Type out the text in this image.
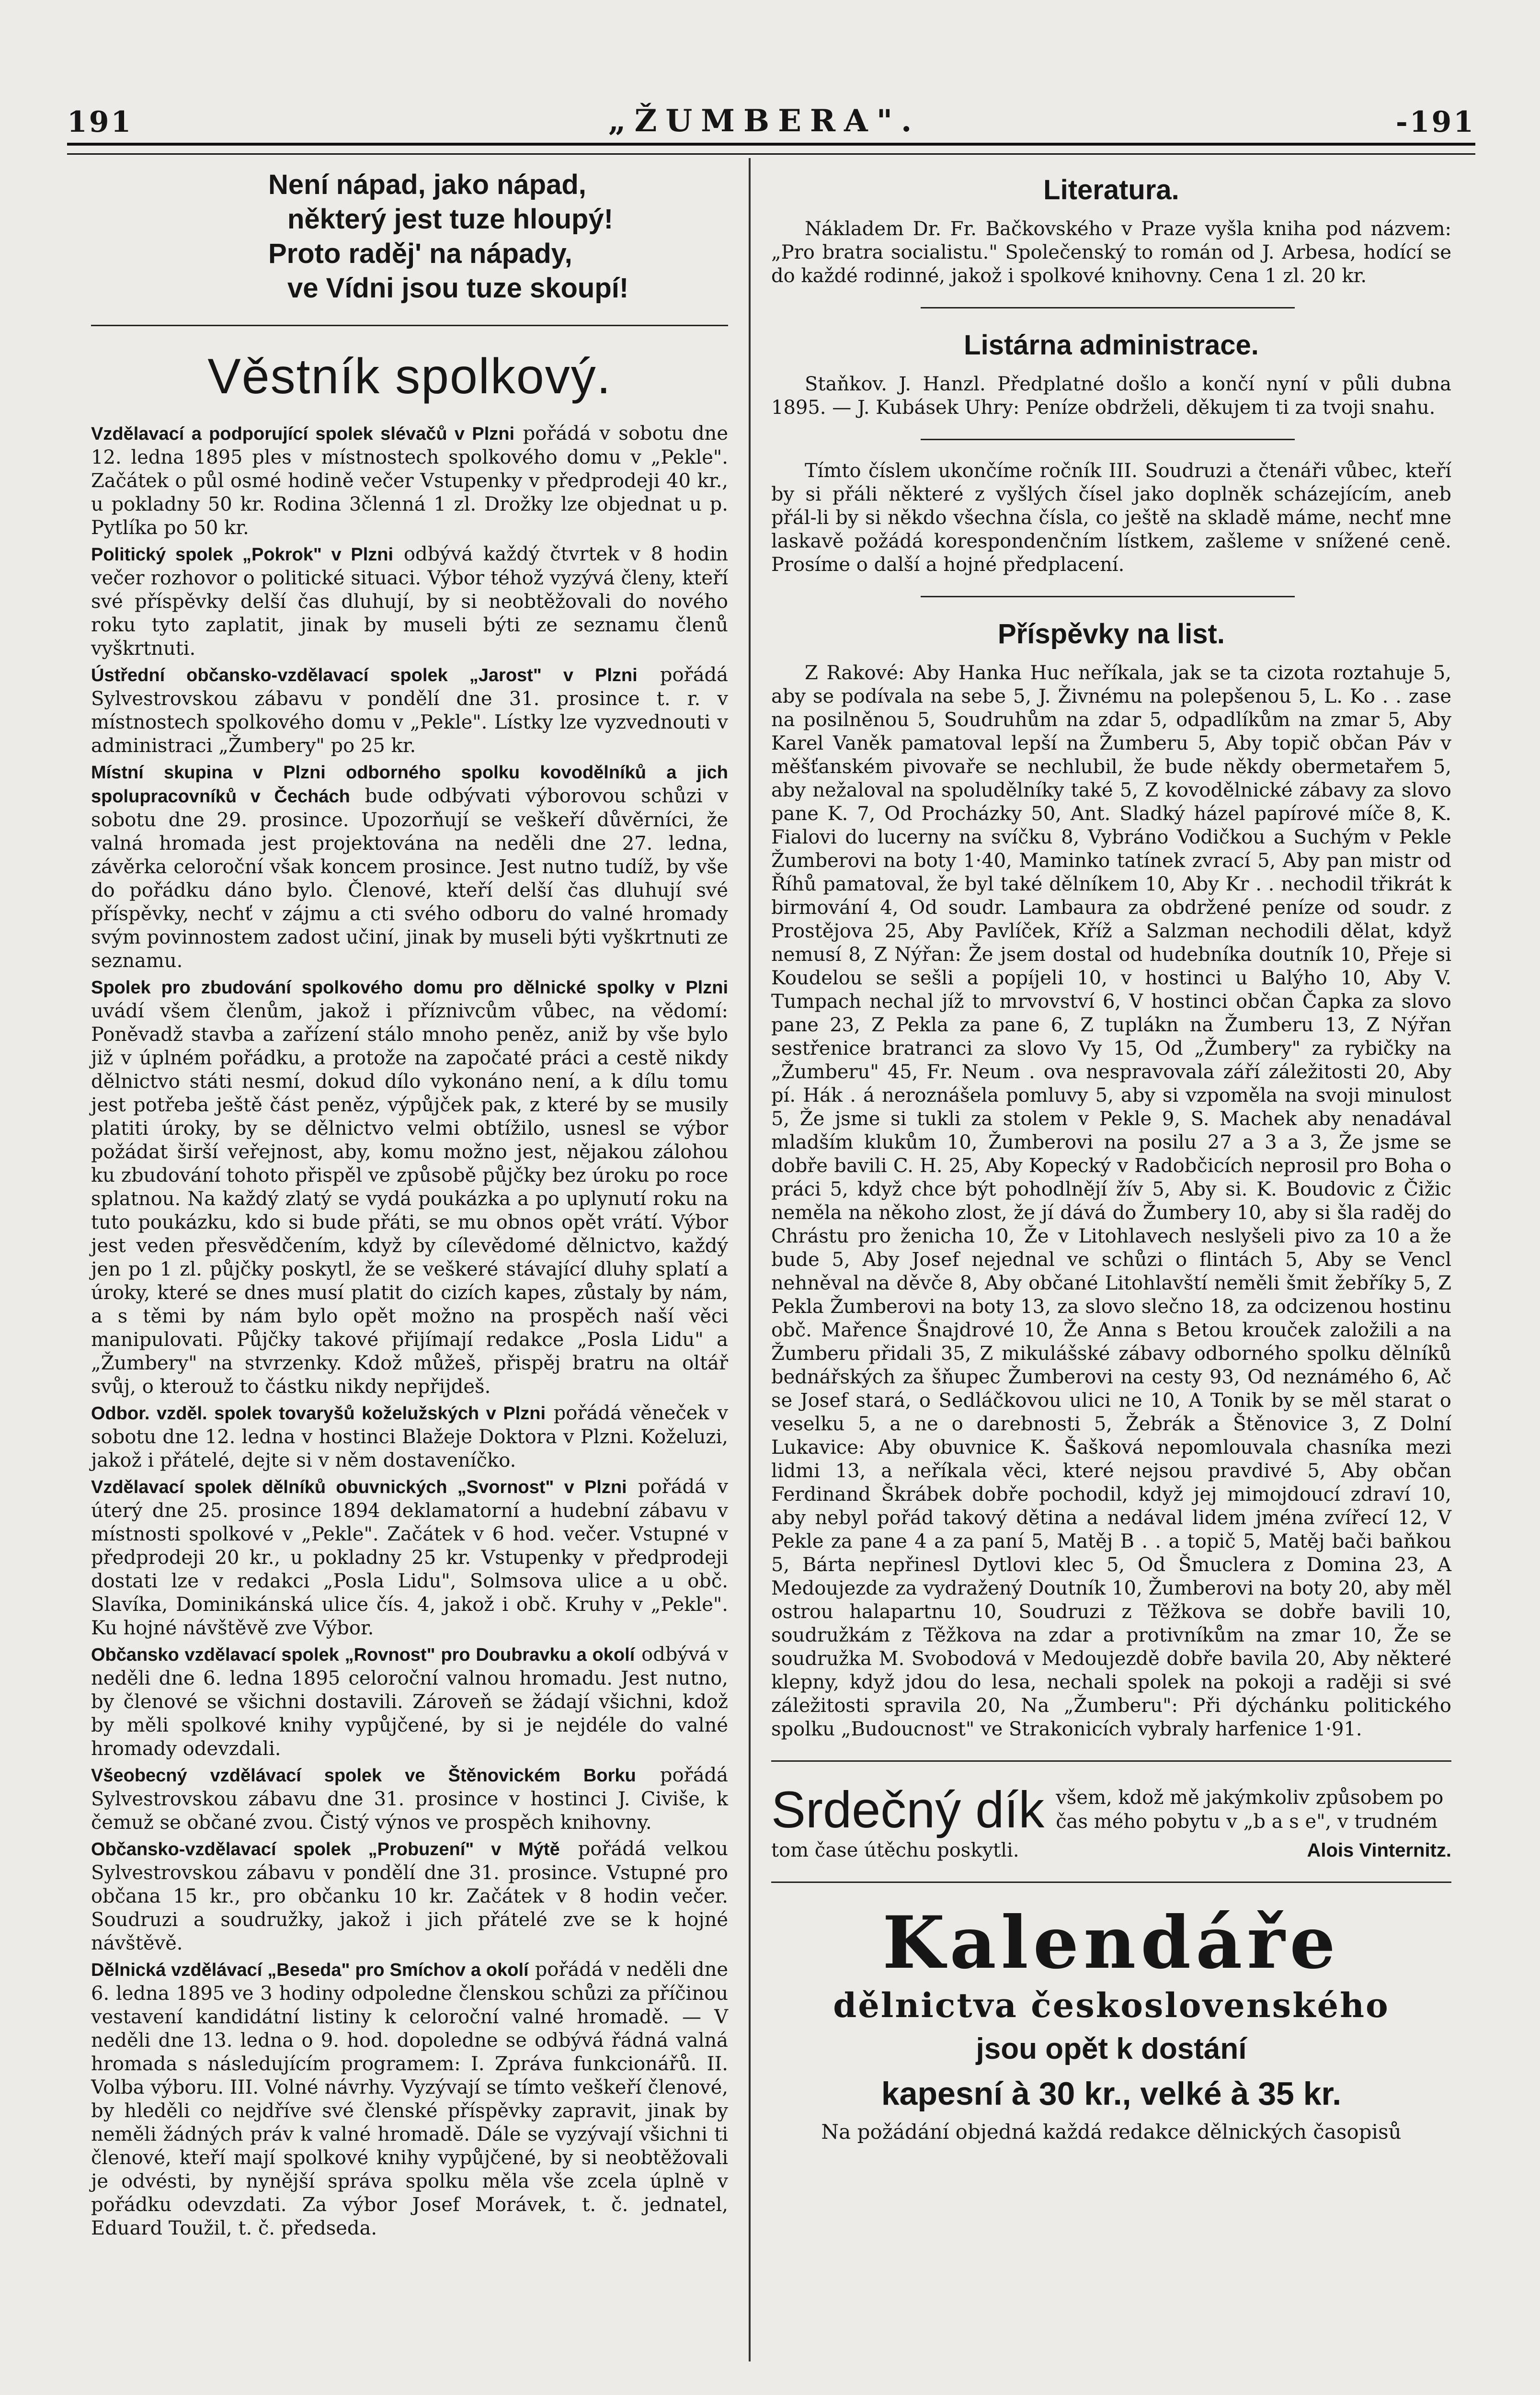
191	„ŽUMBERA".	-191
Není nápad, jako nápad,
některý jest tuze hloupý!
Proto raděj' na nápady,
ve Vídni jsou tuze skoupí!
Věstník spolkový.

Vzdělavací a podporující spolek slévačů v Plzni pořádá v sobotu dne 12. ledna 1895 ples v místnostech spolkového domu v „Pekle". Začátek o půl osmé hodině večer Vstupenky v předprodeji 40 kr., u pokladny 50 kr. Rodina 3členná 1 zl. Drožky lze objednat u p. Pytlíka po 50 kr.

Politický spolek „Pokrok" v Plzni odbývá každý čtvrtek v 8 hodin večer rozhovor o politické situaci. Výbor téhož vyzývá členy, kteří své příspěvky delší čas dluhují, by si neobtěžovali do nového roku tyto zaplatit, jinak by museli býti ze seznamu členů vyškrtnuti.

Ústřední občansko-vzdělavací spolek „Jarost" v Plzni pořádá Sylvestrovskou zábavu v pondělí dne 31. prosince t. r. v místnostech spolkového domu v „Pekle". Lístky lze vyzvednouti v administraci „Žumbery" po 25 kr.

Místní skupina v Plzni odborného spolku kovodělníků a jich spolupracovníků v Čechách bude odbývati výborovou schůzi v sobotu dne 29. prosince. Upozorňují se veškeří důvěrníci, že valná hromada jest projektována na neděli dne 27. ledna, závěrka celoroční však koncem prosince. Jest nutno tudíž, by vše do pořádku dáno bylo. Členové, kteří delší čas dluhují své příspěvky, nechť v zájmu a cti svého odboru do valné hromady svým povinnostem zadost učiní, jinak by museli býti vyškrtnuti ze seznamu.

Spolek pro zbudování spolkového domu pro dělnické spolky v Plzni uvádí všem členům, jakož i příznivcům vůbec, na vědomí: Poněvadž stavba a zařízení stálo mnoho peněz, aniž by vše bylo již v úplném pořádku, a protože na započaté práci a cestě nikdy dělnictvo státi nesmí, dokud dílo vykonáno není, a k dílu tomu jest potřeba ještě část peněz, výpůjček pak, z které by se musily platiti úroky, by se dělnictvo velmi obtížilo, usnesl se výbor požádat širší veřejnost, aby, komu možno jest, nějakou zálohou ku zbudování tohoto přispěl ve způsobě půjčky bez úroku po roce splatnou. Na každý zlatý se vydá poukázka a po uplynutí roku na tuto poukázku, kdo si bude přáti, se mu obnos opět vrátí. Výbor jest veden přesvědčením, když by cílevědomé dělnictvo, každý jen po 1 zl. půjčky poskytl, že se veškeré stávající dluhy splatí a úroky, které se dnes musí platit do cizích kapes, zůstaly by nám, a s těmi by nám bylo opět možno na prospěch naší věci manipulovati. Půjčky takové přijímají redakce „Posla Lidu" a „Žumbery" na stvrzenky. Kdož můžeš, přispěj bratru na oltář svůj, o kterouž to částku nikdy nepřijdeš.

Odbor. vzděl. spolek tovaryšů koželužských v Plzni pořádá věneček v sobotu dne 12. ledna v hostinci Blažeje Doktora v Plzni. Koželuzi, jakož i přátelé, dejte si v něm dostaveníčko.

Vzdělavací spolek dělníků obuvnických „Svornost" v Plzni pořádá v úterý dne 25. prosince 1894 deklamatorní a hudební zábavu v místnosti spolkové v „Pekle". Začátek v 6 hod. večer. Vstupné v předprodeji 20 kr., u pokladny 25 kr. Vstupenky v předprodeji dostati lze v redakci „Posla Lidu", Solmsova ulice a u obč. Slavíka, Dominikánská ulice čís. 4, jakož i obč. Kruhy v „Pekle". Ku hojné návštěvě zve Výbor.

Občansko vzdělavací spolek „Rovnost" pro Doubravku a okolí odbývá v neděli dne 6. ledna 1895 celoroční valnou hromadu. Jest nutno, by členové se všichni dostavili. Zároveň se žádají všichni, kdož by měli spolkové knihy vypůjčené, by si je nejdéle do valné hromady odevzdali.

Všeobecný vzdělávací spolek ve Štěnovickém Borku pořádá Sylvestrovskou zábavu dne 31. prosince v hostinci J. Civiše, k čemuž se občané zvou. Čistý výnos ve prospěch knihovny.

Občansko-vzdělavací spolek „Probuzení" v Mýtě pořádá velkou Sylvestrovskou zábavu v pondělí dne 31. prosince. Vstupné pro občana 15 kr., pro občanku 10 kr. Začátek v 8 hodin večer. Soudruzi a soudružky, jakož i jich přátelé zve se k hojné návštěvě.

Dělnická vzdělávací „Beseda" pro Smíchov a okolí pořádá v neděli dne 6. ledna 1895 ve 3 hodiny odpoledne členskou schůzi za příčinou vestavení kandidátní listiny k celoroční valné hromadě. — V neděli dne 13. ledna o 9. hod. dopoledne se odbývá řádná valná hromada s následujícím programem: I. Zpráva funkcionářů. II. Volba výboru. III. Volné návrhy. Vyzývají se tímto veškeří členové, by hleděli co nejdříve své členské příspěvky zapravit, jinak by neměli žádných práv k valné hromadě. Dále se vyzývají všichni ti členové, kteří mají spolkové knihy vypůjčené, by si neobtěžovali je odvésti, by nynější správa spolku měla vše zcela úplně v pořádku odevzdati. Za výbor Josef Morávek, t. č. jednatel, Eduard Toužil, t. č. předseda.

Literatura.

Nákladem Dr. Fr. Bačkovského v Praze vyšla kniha pod názvem: „Pro bratra socialistu." Společenský to román od J. Arbesa, hodící se do každé rodinné, jakož i spolkové knihovny. Cena 1 zl. 20 kr.

Listárna administrace.

Staňkov. J. Hanzl. Předplatné došlo a končí nyní v půli dubna 1895. — J. Kubásek Uhry: Peníze obdrželi, děkujem ti za tvoji snahu.

Tímto číslem ukončíme ročník III. Soudruzi a čtenáři vůbec, kteří by si přáli některé z vyšlých čísel jako doplněk scházejícím, aneb přál-li by si někdo všechna čísla, co ještě na skladě máme, nechť mne laskavě požádá korespondenčním lístkem, zašleme v snížené ceně. Prosíme o další a hojné předplacení.

Příspěvky na list.

Z Rakové: Aby Hanka Huc neříkala, jak se ta cizota roztahuje 5, aby se podívala na sebe 5, J. Živnému na polepšenou 5, L. Ko . . zase na posilněnou 5, Soudruhům na zdar 5, odpadlíkům na zmar 5, Aby Karel Vaněk pamatoval lepší na Žumberu 5, Aby topič občan Páv v měšťanském pivovaře se nechlubil, že bude někdy obermetařem 5, aby nežaloval na spoludělníky také 5, Z kovodělnické zábavy za slovo pane K. 7, Od Procházky 50, Ant. Sladký házel papírové míče 8, K. Fialovi do lucerny na svíčku 8, Vybráno Vodičkou a Suchým v Pekle Žumberovi na boty 1·40, Maminko tatínek zvrací 5, Aby pan mistr od Říhů pamatoval, že byl také dělníkem 10, Aby Kr . . nechodil třikrát k birmování 4, Od soudr. Lambaura za obdržené peníze od soudr. z Prostějova 25, Aby Pavlíček, Kříž a Salzman nechodili dělat, když nemusí 8, Z Nýřan: Že jsem dostal od hudebníka doutník 10, Přeje si Koudelou se sešli a popíjeli 10, v hostinci u Balýho 10, Aby V. Tumpach nechal jíž to mrvovství 6, V hostinci občan Čapka za slovo pane 23, Z Pekla za pane 6, Z tuplákn na Žumberu 13, Z Nýřan sestřenice bratranci za slovo Vy 15, Od „Žumbery" za rybičky na „Žumberu" 45, Fr. Neum . ova nespravovala září záležitosti 20, Aby pí. Hák . á neroznášela pomluvy 5, aby si vzpoměla na svoji minulost 5, Že jsme si tukli za stolem v Pekle 9, S. Machek aby nenadával mladším klukům 10, Žumberovi na posilu 27 a 3 a 3, Že jsme se dobře bavili C. H. 25, Aby Kopecký v Radobčicích neprosil pro Boha o práci 5, když chce být pohodlnějí žív 5, Aby si. K. Boudovic z Čižic neměla na někoho zlost, že jí dává do Žumbery 10, aby si šla raděj do Chrástu pro ženicha 10, Že v Litohlavech neslyšeli pivo za 10 a že bude 5, Aby Josef nejednal ve schůzi o flintách 5, Aby se Vencl nehněval na děvče 8, Aby občané Litohlavští neměli šmit žebříky 5, Z Pekla Žumberovi na boty 13, za slovo slečno 18, za odcizenou hostinu obč. Mařence Šnajdrové 10, Že Anna s Betou krouček založili a na Žumberu přidali 35, Z mikulášské zábavy odborného spolku dělníků bednářských za šňupec Žumberovi na cesty 93, Od neznámého 6, Ač se Josef stará, o Sedláčkovou ulici ne 10, A Tonik by se měl starat o veselku 5, a ne o darebnosti 5, Žebrák a Štěnovice 3, Z Dolní Lukavice: Aby obuvnice K. Šašková nepomlouvala chasníka mezi lidmi 13, a neříkala věci, které nejsou pravdivé 5, Aby občan Ferdinand Škrábek dobře pochodil, když jej mimojdoucí zdraví 10, aby nebyl pořád takový dětina a nedával lidem jména zvířecí 12, V Pekle za pane 4 a za paní 5, Matěj B . . a topič 5, Matěj bači baňkou 5, Bárta nepřinesl Dytlovi klec 5, Od Šmuclera z Domina 23, A Medoujezde za vydražený Doutník 10, Žumberovi na boty 20, aby měl ostrou halapartnu 10, Soudruzi z Těžkova se dobře bavili 10, soudružkám z Těžkova na zdar a protivníkům na zmar 10, Že se soudružka M. Svobodová v Medoujezdě dobře bavila 20, Aby některé klepny, když jdou do lesa, nechali spolek na pokoji a raději si své záležitosti spravila 20, Na „Žumberu": Při dýchánku politického spolku „Budoucnost" ve Strakonicích vybraly harfenice 1·91.

Srdečný dík všem, kdož mě jakýmkoliv způsobem po čas mého pobytu v „b a s e", v trudném
tom čase útěchu poskytli.	Alois Vinternitz.
Kalendáře
dělnictva československého
jsou opět k dostání
kapesní à 30 kr., velké à 35 kr.
Na požádání objedná každá redakce dělnických časopisů
